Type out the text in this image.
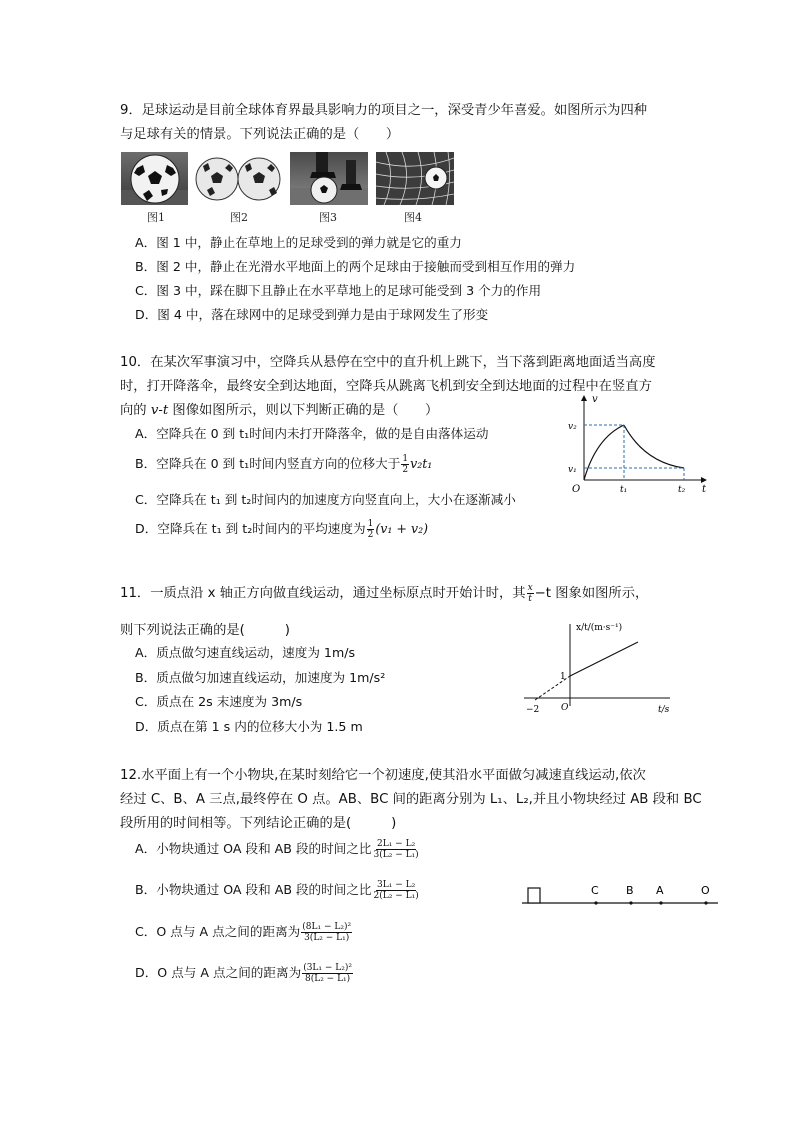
9．足球运动是目前全球体育界最具影响力的项目之一，深受青少年喜爱。如图所示为四种
与足球有关的情景。下列说法正确的是（　　）
图1	图2	图3	图4
A．图 1 中，静止在草地上的足球受到的弹力就是它的重力
B．图 2 中，静止在光滑水平地面上的两个足球由于接触而受到相互作用的弹力
C．图 3 中，踩在脚下且静止在水平草地上的足球可能受到 3 个力的作用
D．图 4 中，落在球网中的足球受到弹力是由于球网发生了形变
10．在某次军事演习中，空降兵从悬停在空中的直升机上跳下，当下落到距离地面适当高度
时，打开降落伞，最终安全到达地面，空降兵从跳离飞机到安全到达地面的过程中在竖直方
向的 v-t 图像如图所示，则以下判断正确的是（　　）
A．空降兵在 0 到 t₁时间内未打开降落伞，做的是自由落体运动
B．空降兵在 0 到 t₁时间内竖直方向的位移大于 $\frac{1}{2} v_2t_1$
C．空降兵在 t₁ 到 t₂时间内的加速度方向竖直向上，大小在逐渐减小
D．空降兵在 t₁ 到 t₂时间内的平均速度为 $\frac{1}{2} (v_1 + v_2)$
v
t
O
v₂
v₁
t₁	t₂
11．一质点沿 x 轴正方向做直线运动，通过坐标原点时开始计时，其 $\frac{x}{t} -t$ 图象如图所示，
则下列说法正确的是(　　　)
A．质点做匀速直线运动，速度为 1m/s
B．质点做匀加速直线运动，加速度为 1m/s²
C．质点在 2s 末速度为 3m/s
D．质点在第 1 s 内的位移大小为 1.5 m
x/t/(m·s⁻¹)
t/s
1
−2 O
12.水平面上有一个小物块,在某时刻给它一个初速度,使其沿水平面做匀减速直线运动,依次
经过 C、B、A 三点,最终停在 O 点。AB、BC 间的距离分别为 L₁、L₂,并且小物块经过 AB 段和 BC
段所用的时间相等。下列结论正确的是(　　　)
A．小物块通过 OA 段和 AB 段的时间之比 $\frac{\text{2L₁ − L₂}}{\text{3(L₂ − L₁)}}$
B．小物块通过 OA 段和 AB 段的时间之比 $\frac{\text{3L₁ − L₂}}{\text{2(L₂ − L₁)}}$
C．O 点与 A 点之间的距离为 $\frac{\text{(8L₁ − L₂)²}}{\text{3(L₂ − L₁)}}$
D．O 点与 A 点之间的距离为 $\frac{\text{(3L₁ − L₂)²}}{\text{8(L₂ − L₁)}}$
C B A	O
